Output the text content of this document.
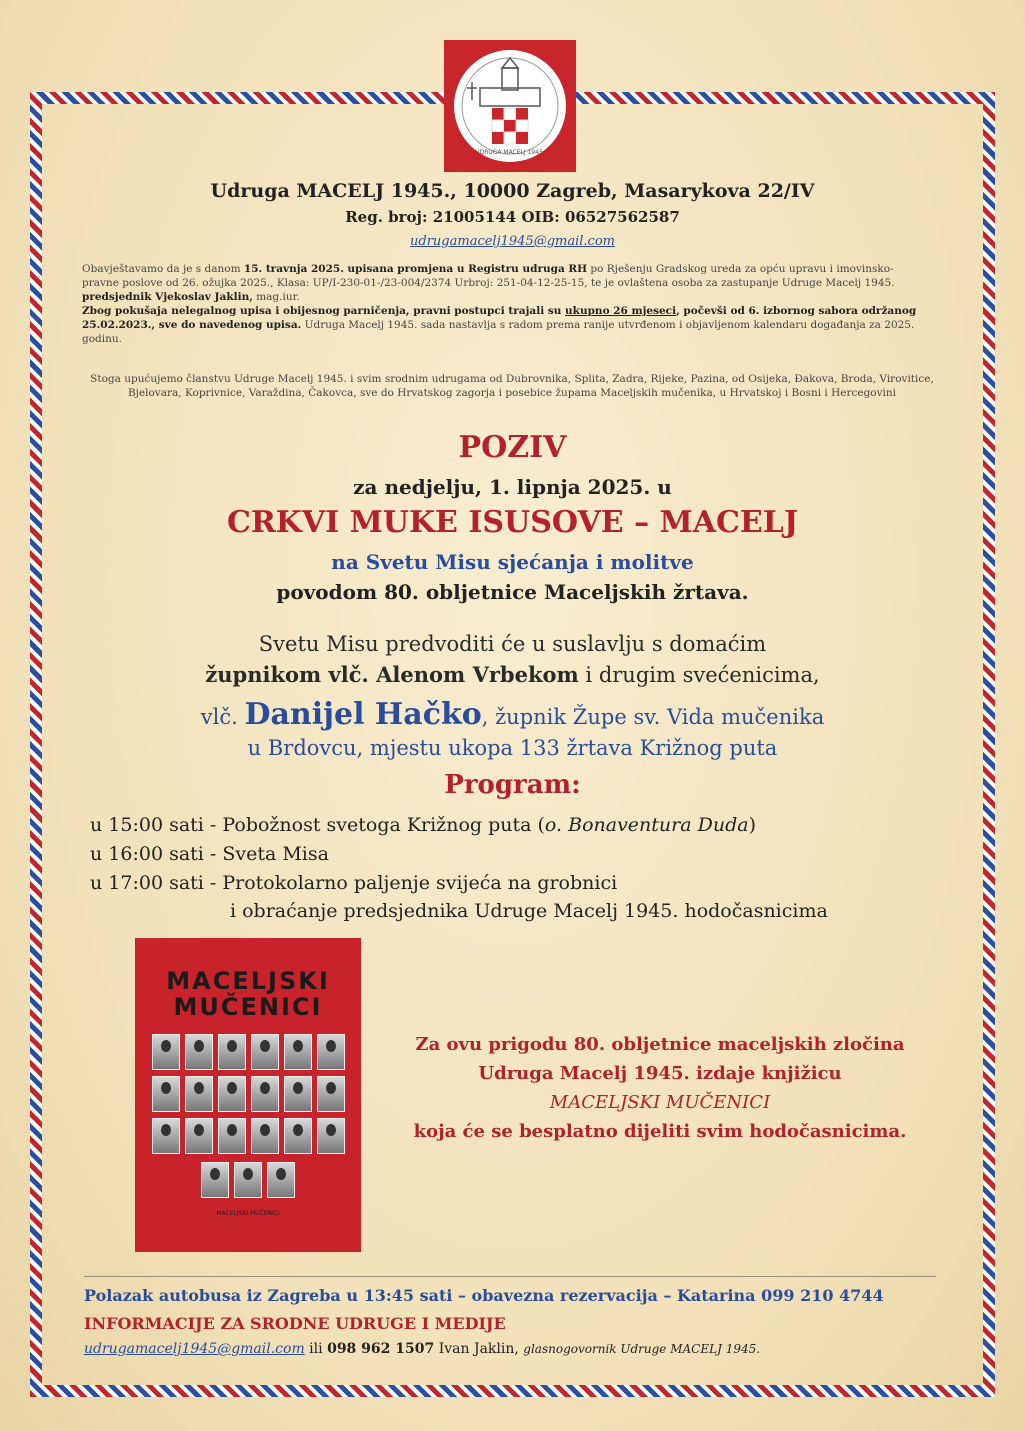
UDRUGA MACELJ 1945.
Udruga MACELJ 1945., 10000 Zagreb, Masarykova 22/IV
Reg. broj: 21005144 OIB: 06527562587
udrugamacelj1945@gmail.com
Obavještavamo da je s danom 15. travnja 2025. upisana promjena u Registru udruga RH po Rješenju Gradskog ureda za opću upravu i imovinsko-pravne poslove od 26. ožujka 2025., Klasa: UP/I-230-01-/23-004/2374 Urbroj: 251-04-12-25-15, te je ovlaštena osoba za zastupanje Udruge Macelj 1945. predsjednik Vjekoslav Jaklin, mag.iur.
Zbog pokušaja nelegalnog upisa i obijesnog parničenja, pravni postupci trajali su ukupno 26 mjeseci, počevši od 6. izbornog sabora održanog 25.02.2023., sve do navedenog upisa. Udruga Macelj 1945. sada nastavlja s radom prema ranije utvrđenom i objavljenom kalendaru događanja za 2025. godinu.
Stoga upućujemo članstvu Udruge Macelj 1945. i svim srodnim udrugama od Dubrovnika, Splita, Zadra, Rijeke, Pazina, od Osijeka, Đakova, Broda, Virovitice, Bjelovara, Koprivnice, Varaždina, Čakovca, sve do Hrvatskog zagorja i posebice župama Maceljskih mučenika, u Hrvatskoj i Bosni i Hercegovini
POZIV
za nedjelju, 1. lipnja 2025. u
CRKVI MUKE ISUSOVE – MACELJ
na Svetu Misu sjećanja i molitve
povodom 80. obljetnice Maceljskih žrtava.
Svetu Misu predvoditi će u suslavlju s domaćim
župnikom vlč. Alenom Vrbekom i drugim svećenicima,
vlč. Danijel Hačko, župnik Župe sv. Vida mučenika
u Brdovcu, mjestu ukopa 133 žrtava Križnog puta
Program:
u 15:00 sati - Pobožnost svetoga Križnog puta (o. Bonaventura Duda)
u 16:00 sati - Sveta Misa
u 17:00 sati - Protokolarno paljenje svijeća na grobnici
i obraćanje predsjednika Udruge Macelj 1945. hodočasnicima
MACELJSKI
MUČENICI
MACELJSKI MUČENICI
Za ovu prigodu 80. obljetnice maceljskih zločina
Udruga Macelj 1945. izdaje knjižicu
MACELJSKI MUČENICI
koja će se besplatno dijeliti svim hodočasnicima.
Polazak autobusa iz Zagreba u 13:45 sati – obavezna rezervacija – Katarina 099 210 4744
INFORMACIJE ZA SRODNE UDRUGE I MEDIJE
udrugamacelj1945@gmail.com ili 098 962 1507 Ivan Jaklin, glasnogovornik Udruge MACELJ 1945.
